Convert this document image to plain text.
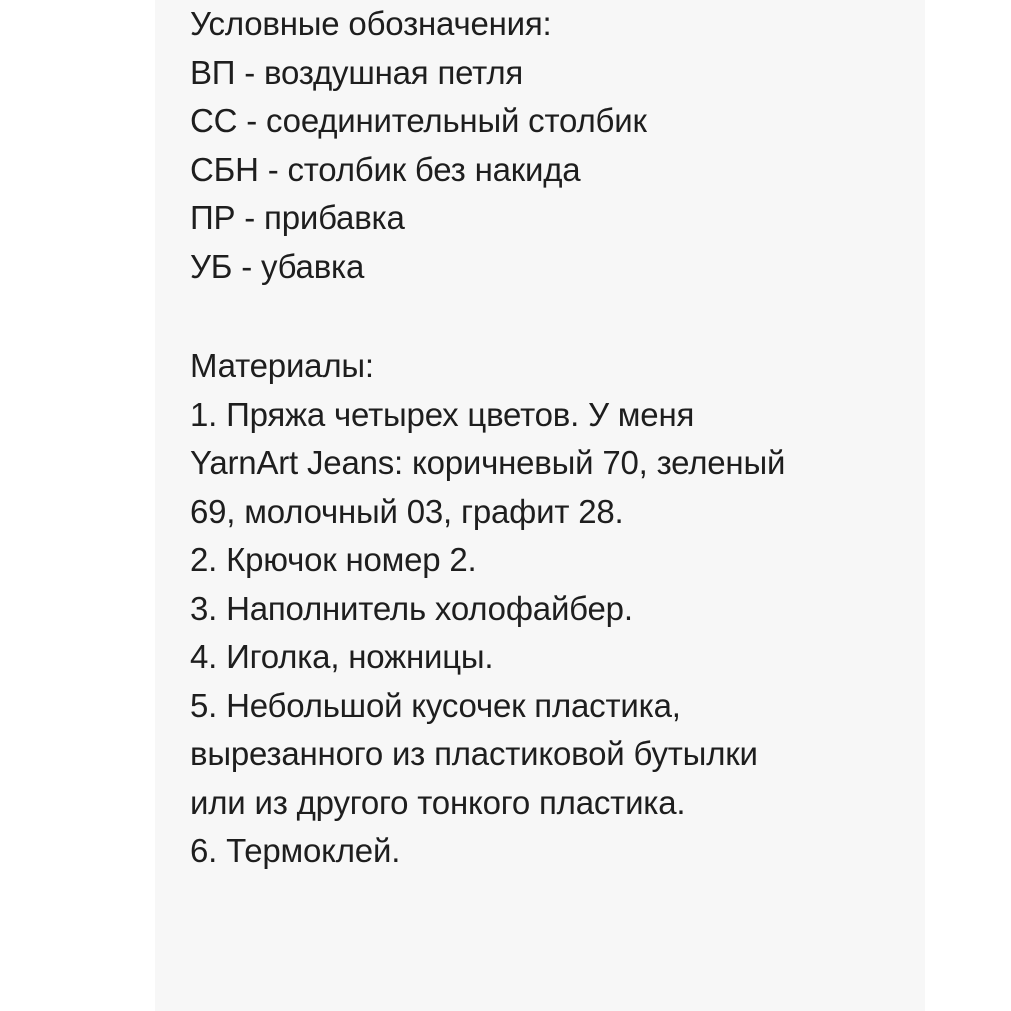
Условные обозначения:
ВП - воздушная петля
СС - соединительный столбик
СБН - столбик без накида
ПР - прибавка
УБ - убавка
Материалы:
1. Пряжа четырех цветов. У меня
YarnArt Jeans: коричневый 70, зеленый
69, молочный 03, графит 28.
2. Крючок номер 2.
3. Наполнитель холофайбер.
4. Иголка, ножницы.
5. Небольшой кусочек пластика,
вырезанного из пластиковой бутылки
или из другого тонкого пластика.
6. Термоклей.
